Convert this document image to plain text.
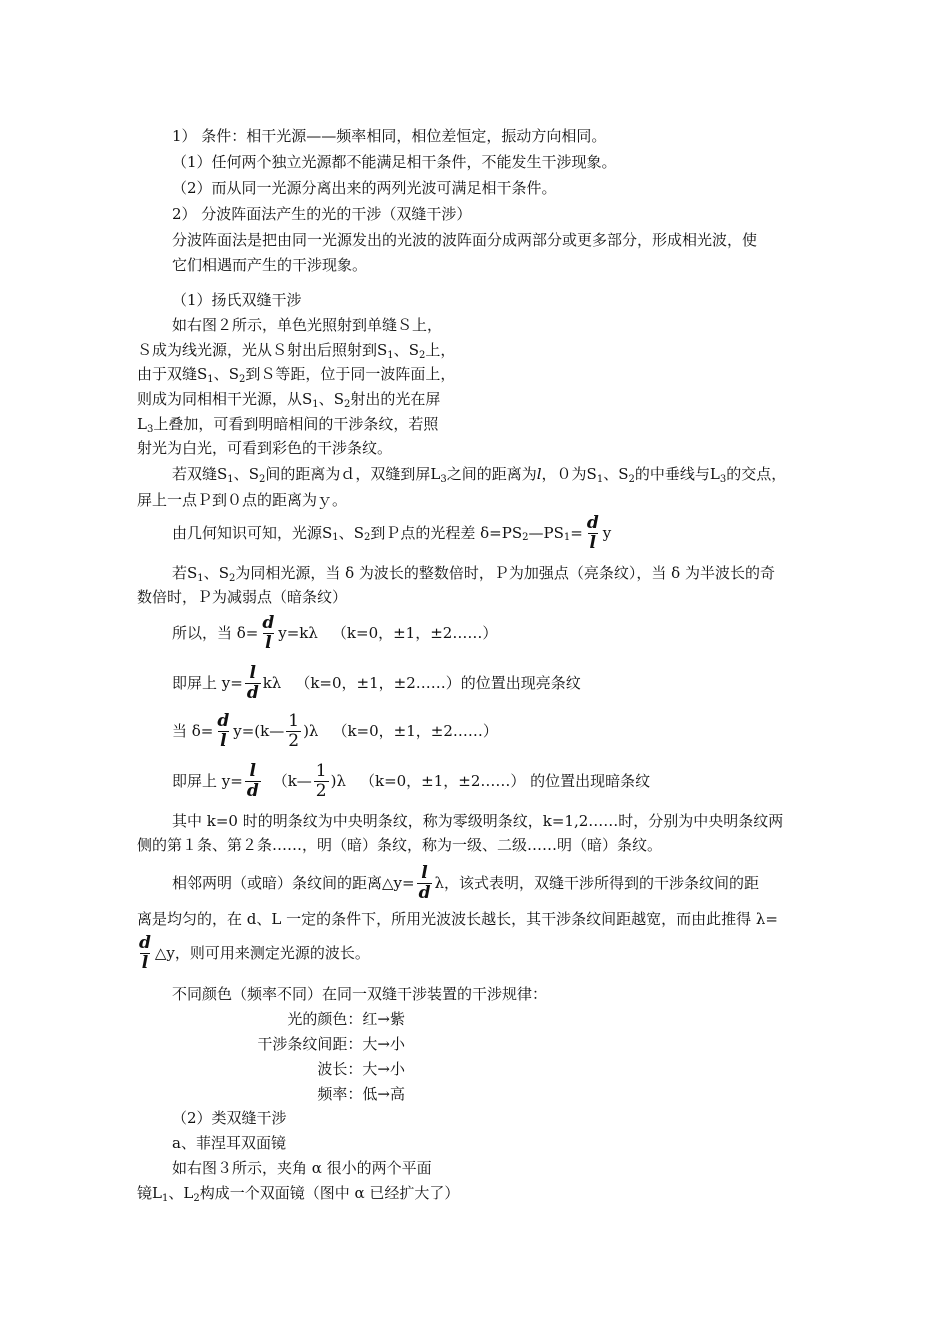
1） 条件：相干光源——频率相同，相位差恒定，振动方向相同。
（1）任何两个独立光源都不能满足相干条件，不能发生干涉现象。
（2）而从同一光源分离出来的两列光波可满足相干条件。
2） 分波阵面法产生的光的干涉（双缝干涉）
分波阵面法是把由同一光源发出的光波的波阵面分成两部分或更多部分，形成相光波，使
它们相遇而产生的干涉现象。
（1）扬氏双缝干涉
如右图２所示，单色光照射到单缝Ｓ上，
Ｓ成为线光源，光从Ｓ射出后照射到$S_1$、$S_2$上，
由于双缝$S_1$、$S_2$到Ｓ等距，位于同一波阵面上，
则成为同相相干光源，从$S_1$、$S_2$射出的光在屏
$L_3$上叠加，可看到明暗相间的干涉条纹，若照
射光为白光，可看到彩色的干涉条纹。
若双缝$S_1$、$S_2$间的距离为ｄ，双缝到屏$L_3$之间的距离为l，０为$S_1$、$S_2$的中垂线与$L_3$的交点，
屏上一点Ｐ到０点的距离为ｙ。
由几何知识可知，光源$S_1$、$S_2$到Ｐ点的光程差 $\delta=PS_2—PS_1= \frac{d}{l}$ y
若$S_1$、$S_2$为同相光源，当 δ 为波长的整数倍时，Ｐ为加强点（亮条纹），当 δ 为半波长的奇
数倍时，Ｐ为减弱点（暗条纹）
所以，当 $\delta= \frac{d}{l} y=k\lambda$ （k=0，±1，±2……）
即屏上 $y= \frac{l}{d}$ kλ （k=0，±1，±2……）的位置出现亮条纹
当 $\delta= \frac{d}{l}$ y=(k— $\frac{1}{2} )\lambda$ （k=0，±1，±2……）
即屏上 $y= \frac{l}{d}$ （k— $\frac{1}{2} )\lambda$ （k=0，±1，±2……） 的位置出现暗条纹
其中 k=0 时的明条纹为中央明条纹，称为零级明条纹，k=1,2……时，分别为中央明条纹两
侧的第１条、第２条……，明（暗）条纹，称为一级、二级……明（暗）条纹。
相邻两明（或暗）条纹间的距离△y= $\frac{l}{d}$ λ，该式表明，双缝干涉所得到的干涉条纹间的距
离是均匀的，在 d、L 一定的条件下，所用光波波长越长，其干涉条纹间距越宽，而由此推得 λ=
$\frac{d}{l}$ △y，则可用来测定光源的波长。
不同颜色（频率不同）在同一双缝干涉装置的干涉规律：
光的颜色：红→紫
干涉条纹间距：大→小
波长：大→小
频率：低→高
（2）类双缝干涉
a、菲涅耳双面镜
如右图３所示，夹角 α 很小的两个平面
镜$L_1$、$L_2$构成一个双面镜（图中 α 已经扩大了）
